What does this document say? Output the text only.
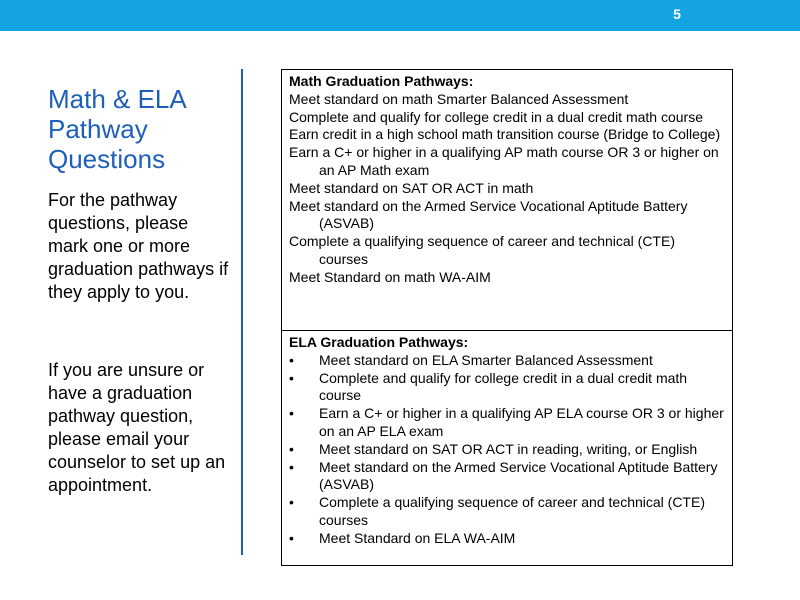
5
Math & ELA Pathway Questions
For the pathway questions, please mark one or more graduation pathways if they apply to you.
If you are unsure or have a graduation pathway question, please email your counselor to set up an appointment.
Math Graduation Pathways:
Meet standard on math Smarter Balanced Assessment
Complete and qualify for college credit in a dual credit math course
Earn credit in a high school math transition course (Bridge to College)
Earn a C+ or higher in a qualifying AP math course OR 3 or higher on an AP Math exam
Meet standard on SAT OR ACT in math
Meet standard on the Armed Service Vocational Aptitude Battery (ASVAB)
Complete a qualifying sequence of career and technical (CTE) courses
Meet Standard on math WA-AIM
ELA Graduation Pathways:
• Meet standard on ELA Smarter Balanced Assessment
• Complete and qualify for college credit in a dual credit math course
• Earn a C+ or higher in a qualifying AP ELA course OR 3 or higher on an AP ELA exam
• Meet standard on SAT OR ACT in reading, writing, or English
• Meet standard on the Armed Service Vocational Aptitude Battery (ASVAB)
• Complete a qualifying sequence of career and technical (CTE) courses
• Meet Standard on ELA WA-AIM
